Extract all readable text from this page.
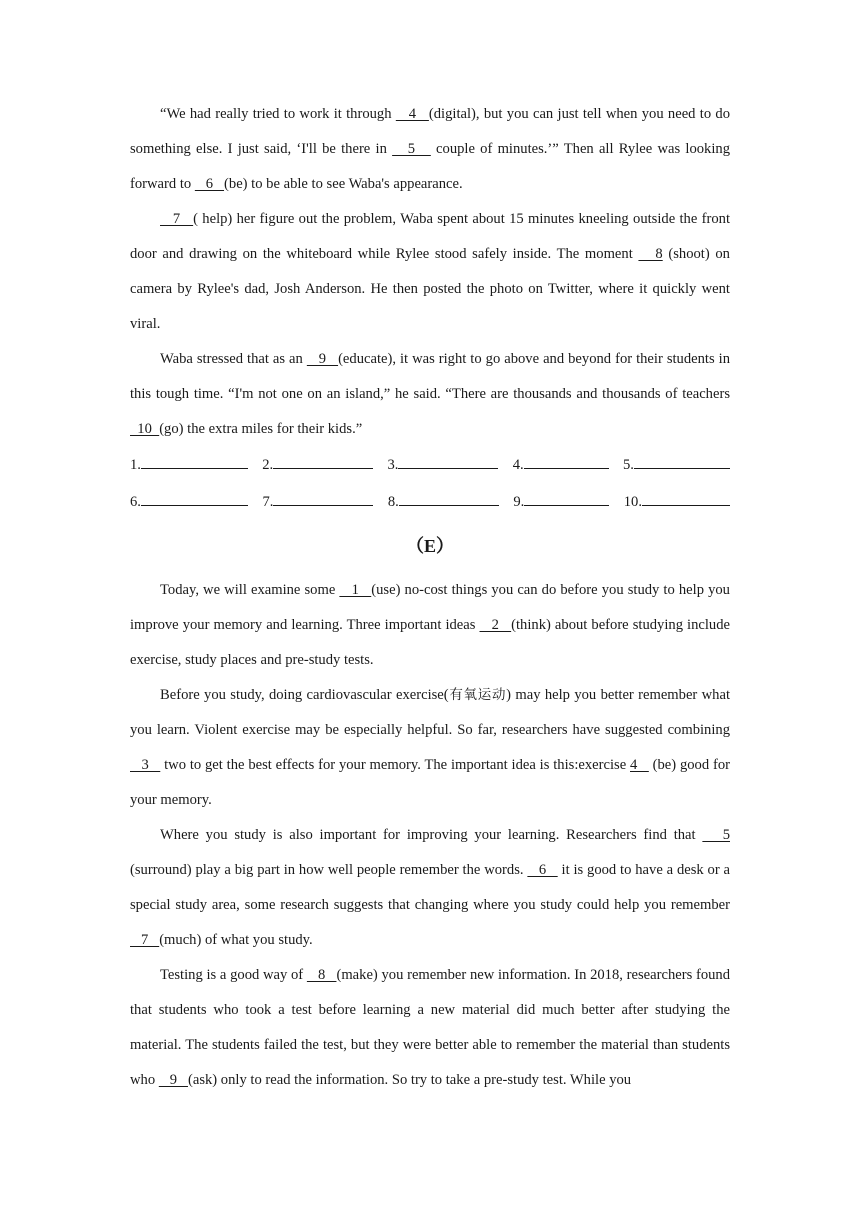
“We had really tried to work it through    4   (digital), but you can just tell when you need to do something else. I just said, ‘I'll be there in    5    couple of minutes.’” Then all Rylee was looking forward to    6   (be) to be able to see Waba's appearance.

7   ( help) her figure out the problem, Waba spent about 15 minutes kneeling outside the front door and drawing on the whiteboard while Rylee stood safely inside. The moment    8 (shoot) on camera by Rylee's dad, Josh Anderson. He then posted the photo on Twitter, where it quickly went viral.

Waba stressed that as an    9   (educate), it was right to go above and beyond for their students in this tough time. “I'm not one on an island,” he said. “There are thousands and thousands of teachers   10  (go) the extra miles for their kids.”

1.	2.	3.	4.	5.
6.	7.	8.	9.	10.
（E）

Today, we will examine some    1   (use) no-cost things you can do before you study to help you improve your memory and learning. Three important ideas    2   (think) about before studying include exercise, study places and pre-study tests.

Before you study, doing cardiovascular exercise(有氧运动) may help you better remember what you learn. Violent exercise may be especially helpful. So far, researchers have suggested combining    3    two to get the best effects for your memory. The important idea is this:exercise 4    (be) good for your memory.

Where you study is also important for improving your learning. Researchers find that    5 (surround) play a big part in how well people remember the words.    6    it is good to have a desk or a special study area, some research suggests that changing where you study could help you remember    7   (much) of what you study.

Testing is a good way of    8   (make) you remember new information. In 2018, researchers found that students who took a test before learning a new material did much better after studying the material. The students failed the test, but they were better able to remember the material than students who    9   (ask) only to read the information. So try to take a pre-study test. While you
